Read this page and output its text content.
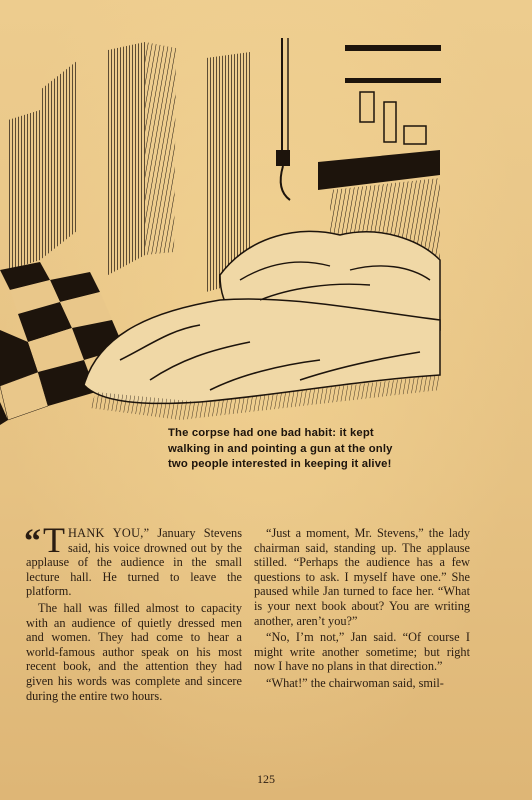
The corpse had one bad habit: it kept
walking in and pointing a gun at the only
two people interested in keeping it alive!

“ T HANK YOU,” January Stevens said, his voice drowned out by the applause of the audience in the small lecture hall. He turned to leave the platform.

The hall was filled almost to capacity with an audience of quietly dressed men and women. They had come to hear a world-famous author speak on his most recent book, and the attention they had given his words was complete and sincere during the entire two hours.

“Just a moment, Mr. Stevens,” the lady chairman said, standing up. The applause stilled. “Perhaps the audience has a few questions to ask. I myself have one.” She paused while Jan turned to face her. “What is your next book about? You are writing another, aren’t you?”

“No, I’m not,” Jan said. “Of course I might write another sometime; but right now I have no plans in that direction.”

“What!” the chairwoman said, smil-

125
